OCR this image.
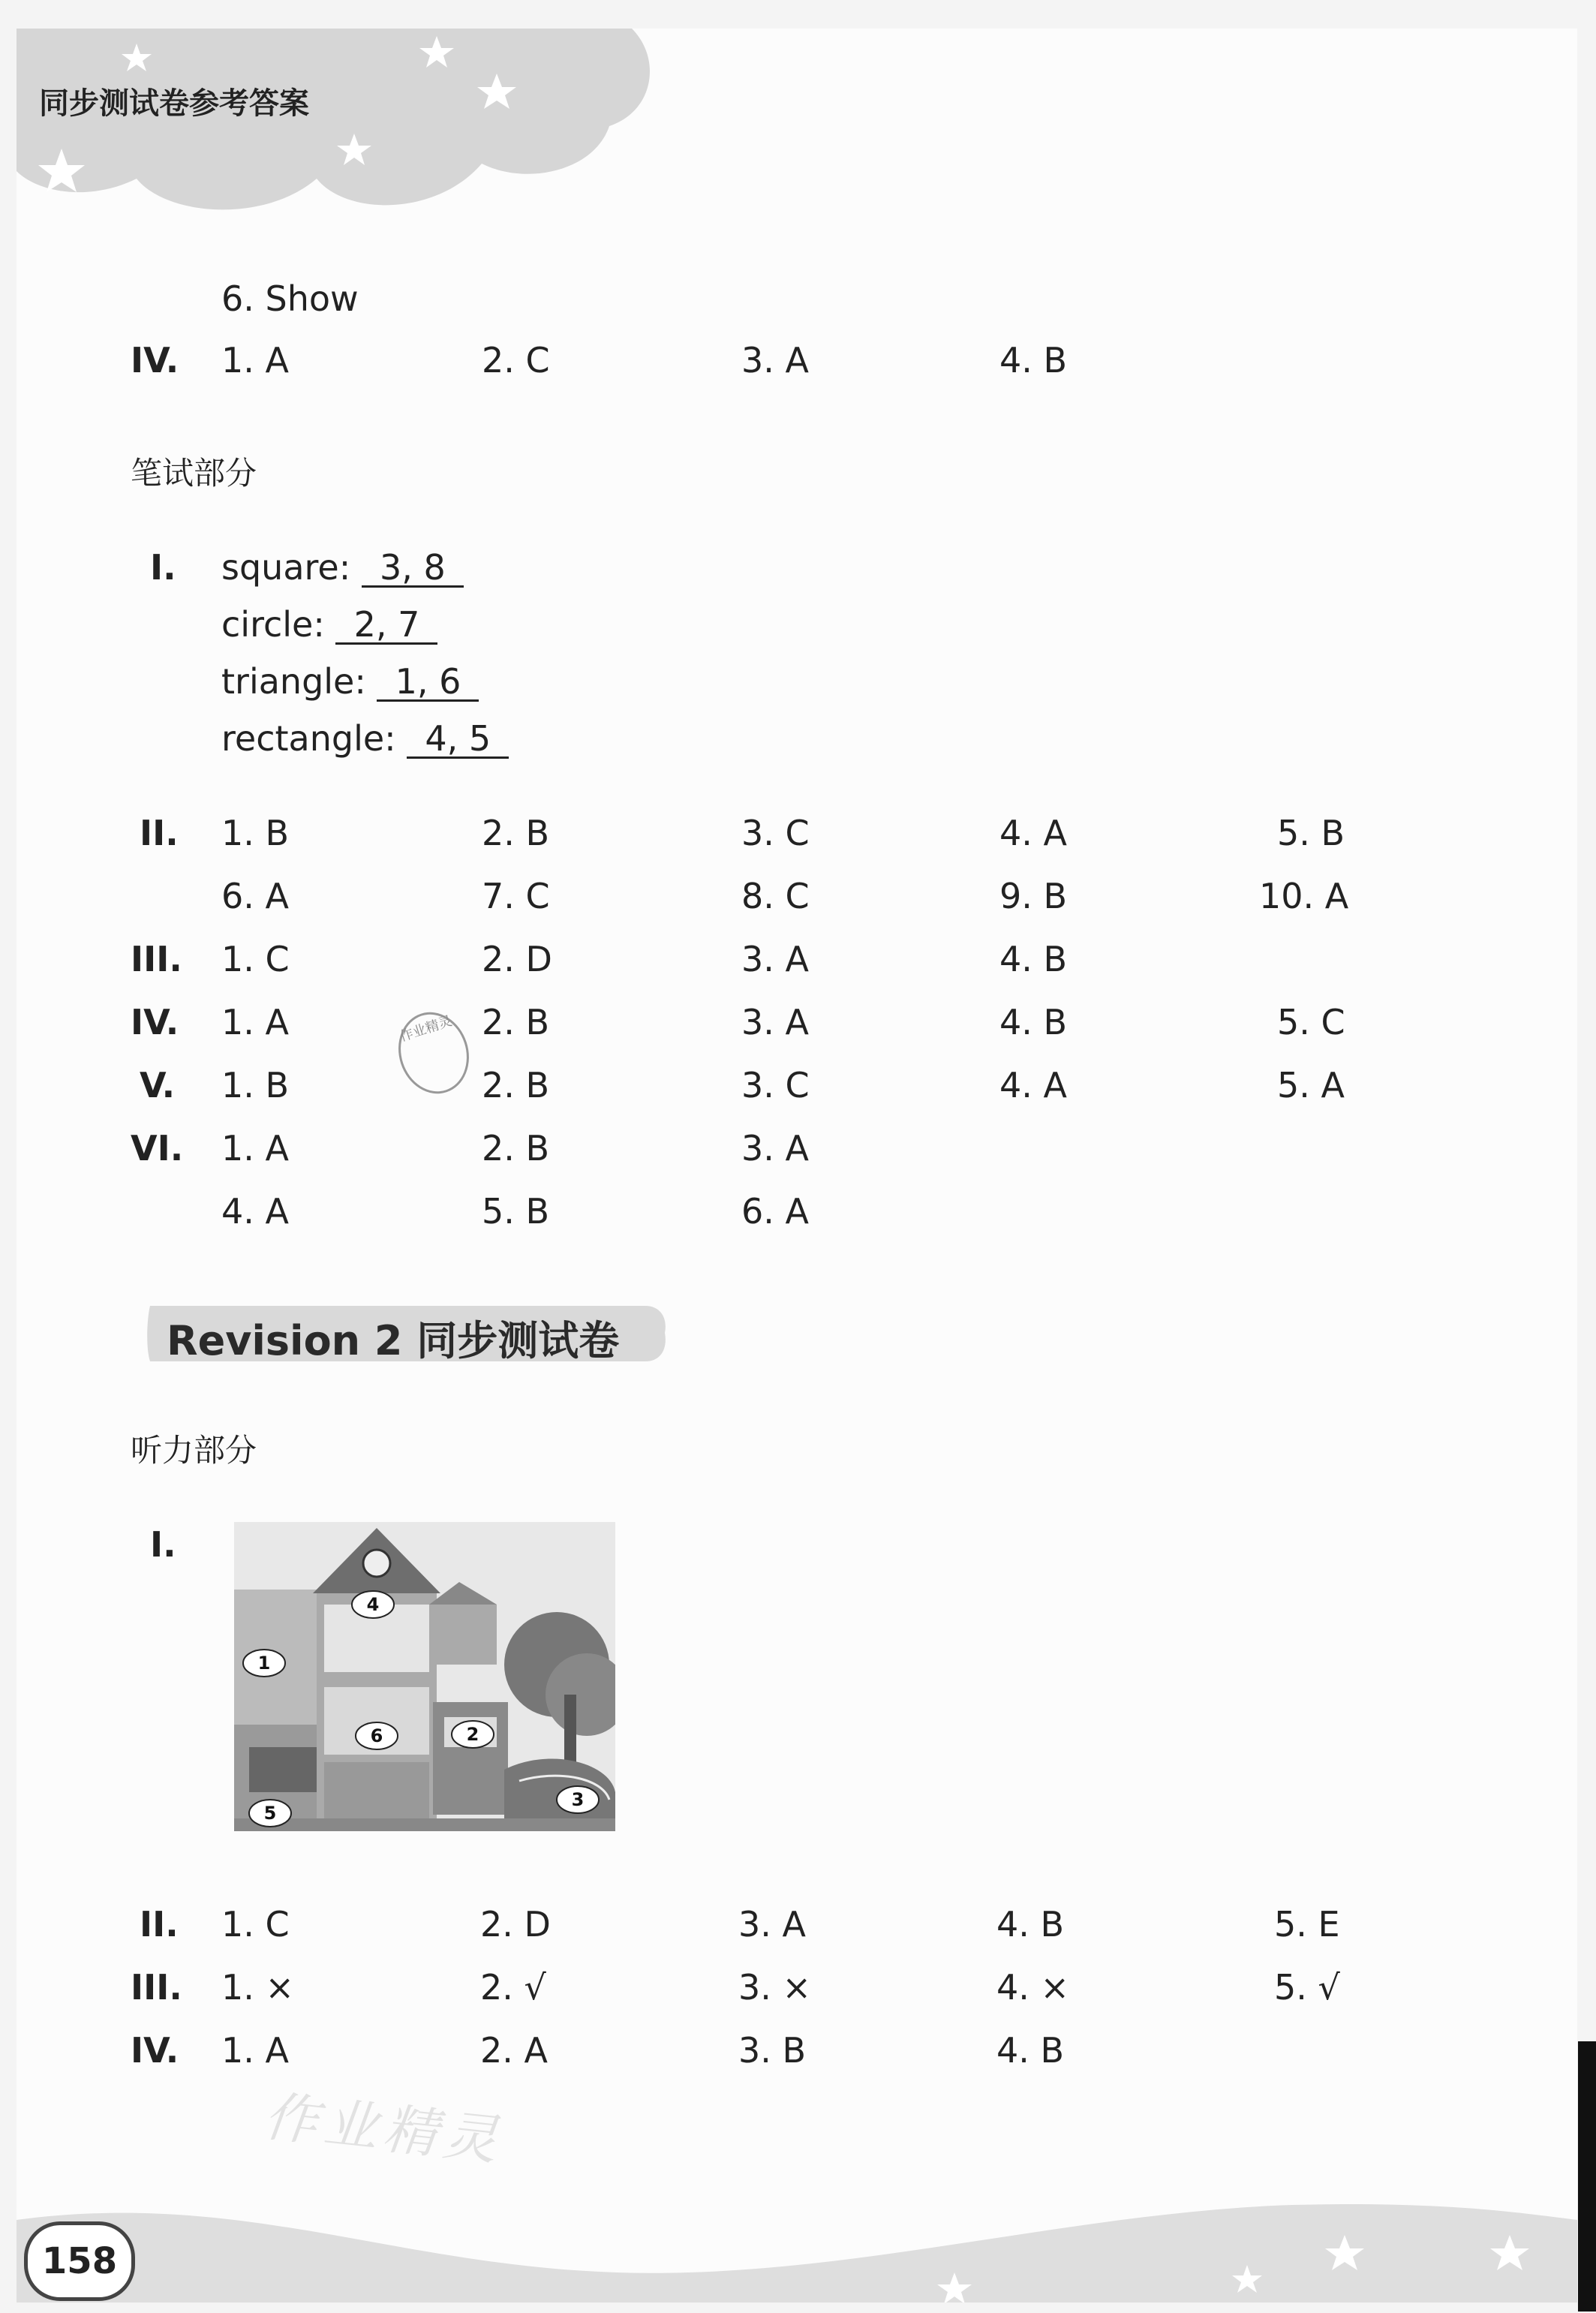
同步测试卷参考答案
6. Show
IV. 1. A	2. C	3. A	4. B
笔试部分
I. square: 3, 8
circle: 2, 7
triangle: 1, 6
rectangle: 4, 5
II. 1. B	2. B	3. C	4. A	5. B
6. A	7. C	8. C	9. B	10. A
III. 1. C	2. D	3. A	4. B
作业精灵
IV. 1. A	2. B	3. A	4. B	5. C
V. 1. B	2. B	3. C	4. A	5. A
VI. 1. A	2. B	3. A
4. A	5. B	6. A
Revision 2 同步测试卷
听力部分
I.
4
1
6	2
3
5
II. 1. C	2. D	3. A	4. B	5. E
III. 1. ×	2. √	3. ×	4. ×	5. √
IV. 1. A	2. A	3. B	4. B
作业精灵
158
